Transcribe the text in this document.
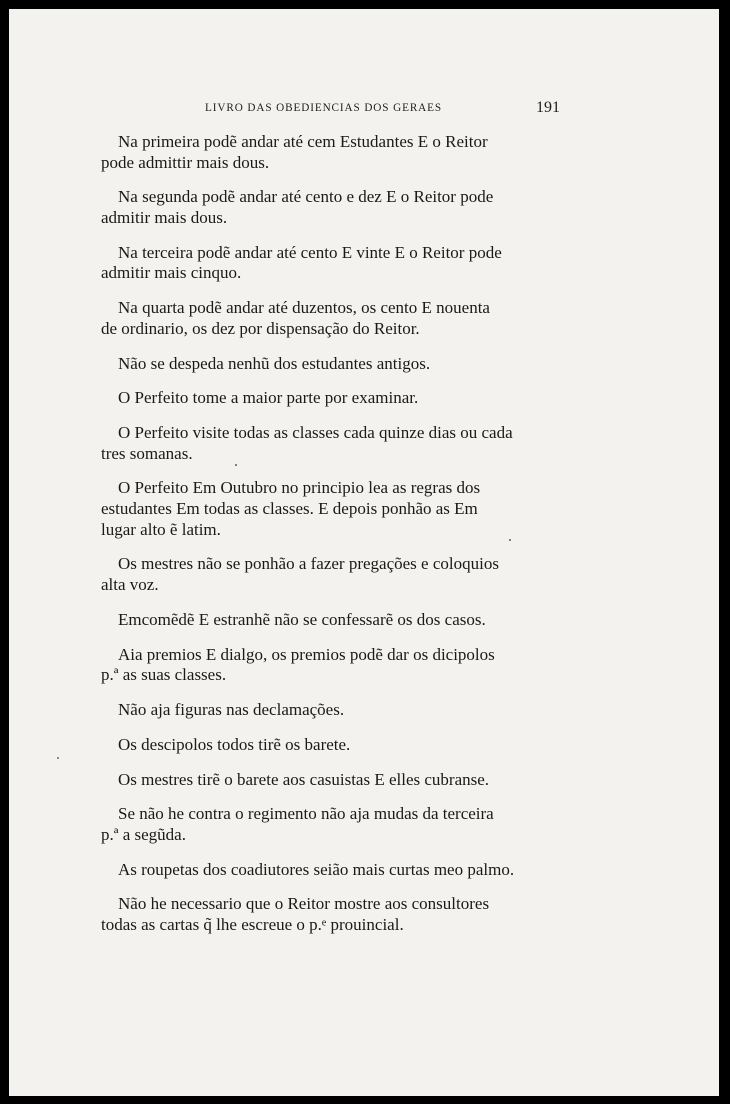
LIVRO DAS OBEDIENCIAS DOS GERAES	191

Na primeira podẽ andar até cem Estudantes E o Reitor
pode admittir mais dous.

Na segunda podẽ andar até cento e dez E o Reitor pode
admitir mais dous.

Na terceira podẽ andar até cento E vinte E o Reitor pode
admitir mais cinquo.

Na quarta podẽ andar até duzentos, os cento E nouenta
de ordinario, os dez por dispensação do Reitor.

Não se despeda nenhũ dos estudantes antigos.

O Perfeito tome a maior parte por examinar.

O Perfeito visite todas as classes cada quinze dias ou cada
tres somanas.

O Perfeito Em Outubro no principio lea as regras dos
estudantes Em todas as classes. E depois ponhão as Em
lugar alto ẽ latim.

Os mestres não se ponhão a fazer pregações e coloquios
alta voz.

Emcomẽdẽ E estranhẽ não se confessarẽ os dos casos.

Aia premios E dialgo, os premios podẽ dar os dicipolos
p.ª as suas classes.

Não aja figuras nas declamações.

Os descipolos todos tirẽ os barete.

Os mestres tirẽ o barete aos casuistas E elles cubranse.

Se não he contra o regimento não aja mudas da terceira
p.ª a segũda.

As roupetas dos coadiutores seião mais curtas meo palmo.

Não he necessario que o Reitor mostre aos consultores
todas as cartas q̃ lhe escreue o p.ᵉ prouincial.
